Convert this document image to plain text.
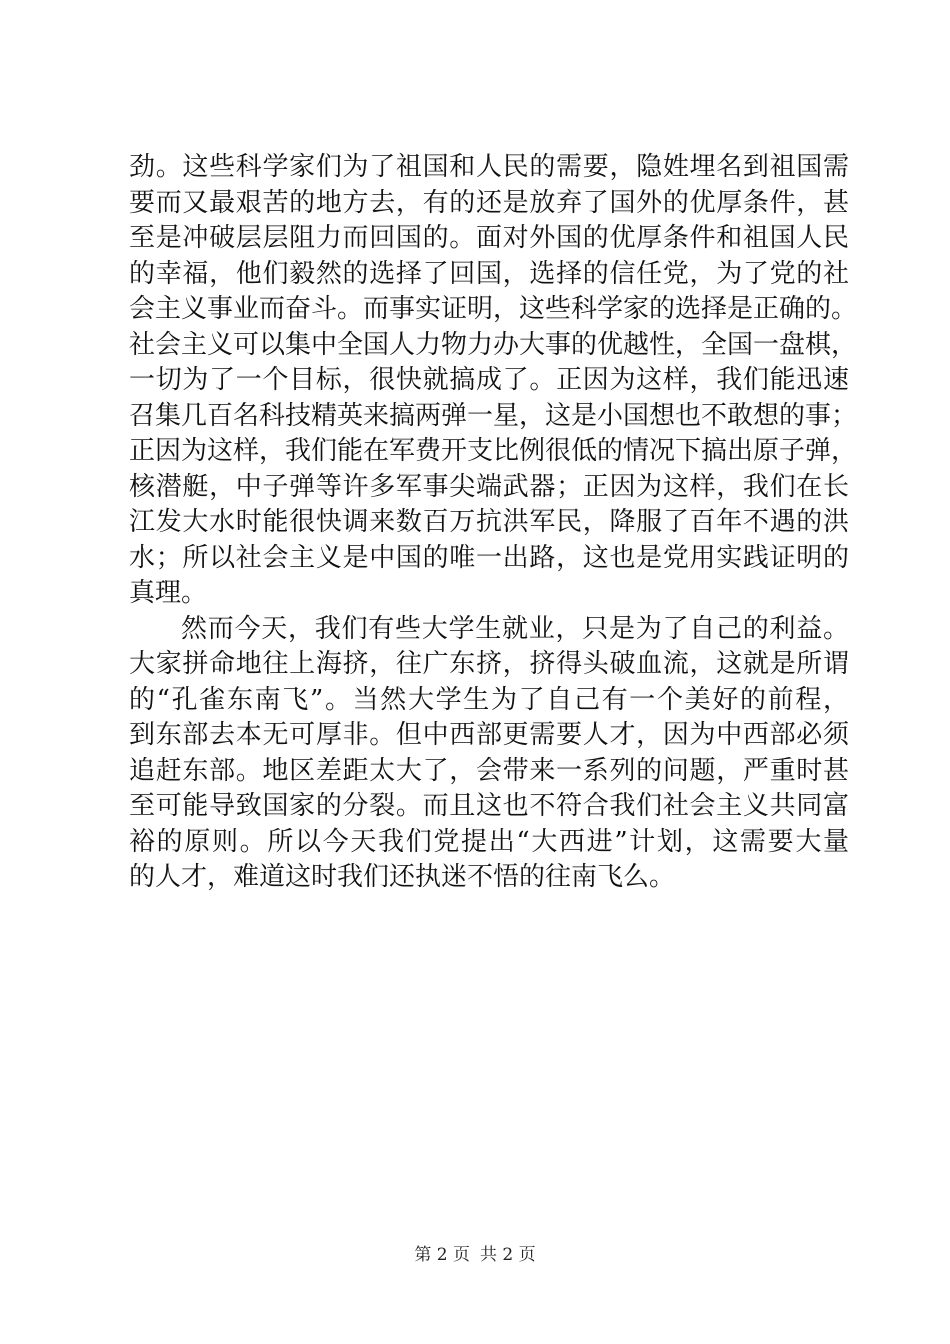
劲。这些科学家们为了祖国和人民的需要，隐姓埋名到祖国需
要而又最艰苦的地方去，有的还是放弃了国外的优厚条件，甚
至是冲破层层阻力而回国的。面对外国的优厚条件和祖国人民
的幸福，他们毅然的选择了回国，选择的信任党，为了党的社
会主义事业而奋斗。而事实证明，这些科学家的选择是正确的。
社会主义可以集中全国人力物力办大事的优越性，全国一盘棋，
一切为了一个目标，很快就搞成了。正因为这样，我们能迅速
召集几百名科技精英来搞两弹一星，这是小国想也不敢想的事；
正因为这样，我们能在军费开支比例很低的情况下搞出原子弹，
核潜艇，中子弹等许多军事尖端武器；正因为这样，我们在长
江发大水时能很快调来数百万抗洪军民，降服了百年不遇的洪
水；所以社会主义是中国的唯一出路，这也是党用实践证明的
真理。
然而今天，我们有些大学生就业，只是为了自己的利益。
大家拼命地往上海挤，往广东挤，挤得头破血流，这就是所谓
的“孔雀东南飞”。当然大学生为了自己有一个美好的前程，
到东部去本无可厚非。但中西部更需要人才，因为中西部必须
追赶东部。地区差距太大了，会带来一系列的问题，严重时甚
至可能导致国家的分裂。而且这也不符合我们社会主义共同富
裕的原则。所以今天我们党提出“大西进”计划，这需要大量
的人才，难道这时我们还执迷不悟的往南飞么。
第 2 页 共 2 页
